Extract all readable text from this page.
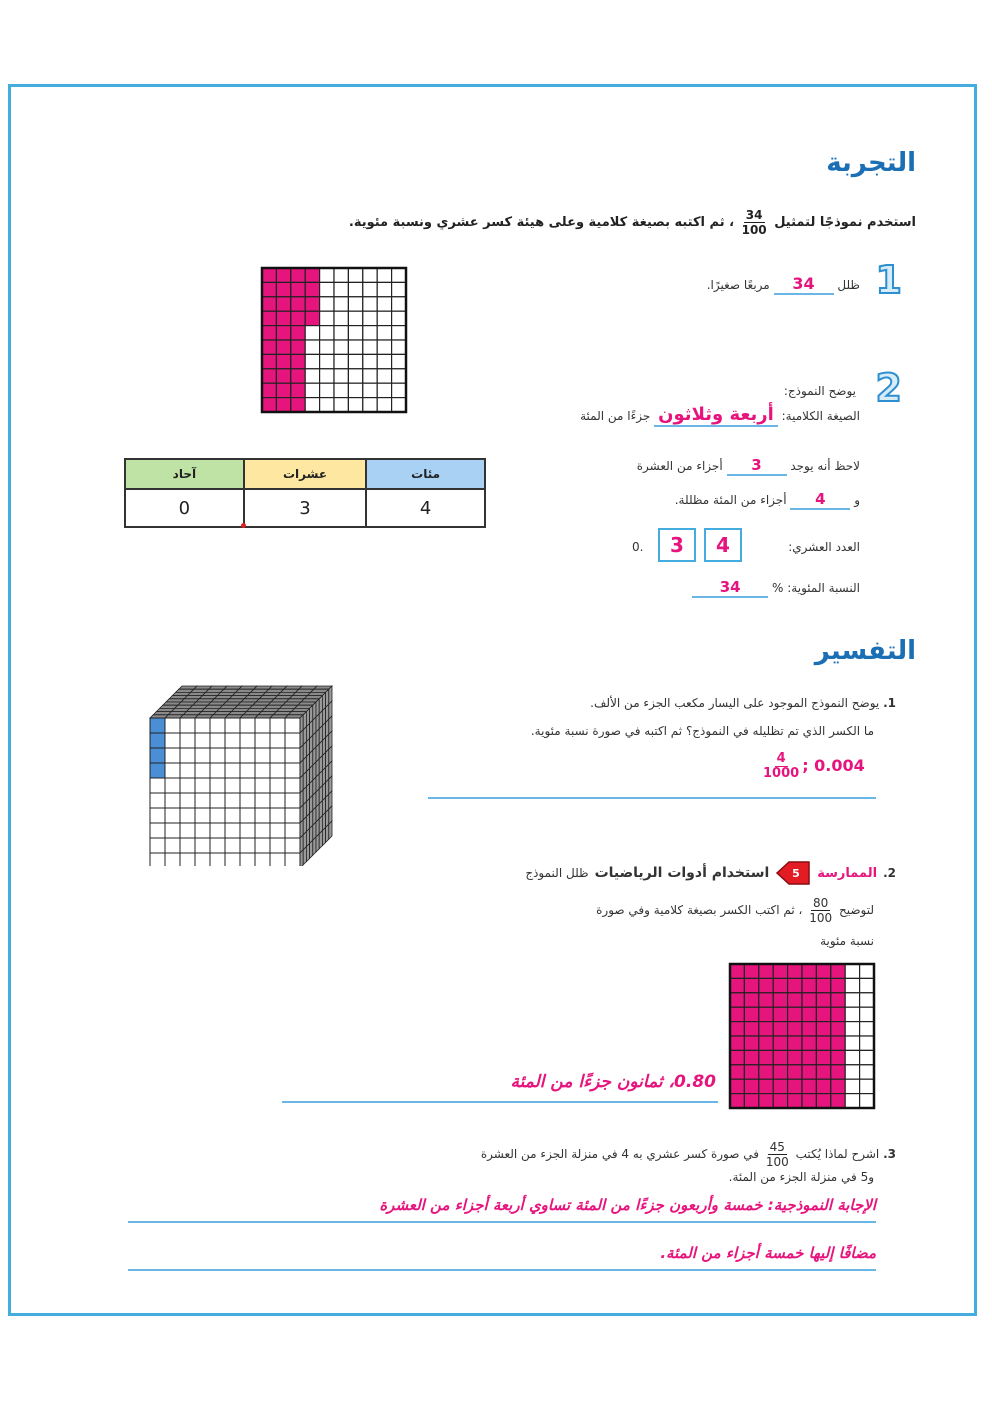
التجربة
استخدم نموذجًا لتمثيل
$\frac{34}{100}$
، ثم اكتبه بصيغة كلامية وعلى هيئة كسر عشري ونسبة مئوية.
1
ظلل 34 مربعًا صغيرًا.
2
يوضح النموذج:
الصيغة الكلامية: أربعة وثلاثون جزءًا من المئة
لاحظ أنه يوجد 3 أجزاء من العشرة
و 4 أجزاء من المئة مظللة.
العدد العشري:
4
3
0.
النسبة المئوية: % 34
آحاد	عشرات	مئات
0	3	4
التفسير
1. يوضح النموذج الموجود على اليسار مكعب الجزء من الألف.
ما الكسر الذي تم تظليله في النموذج؟ ثم اكتبه في صورة نسبة مئوية.
$\frac{4}{1000}$ ; 0.004
2.
الممارسة
5
استخدام أدوات الرياضيات
ظلل النموذج
لتوضيح
$\frac{80}{100}$
، ثم اكتب الكسر بصيغة كلامية وفي صورة
نسبة مئوية
0.80، ثمانون جزءًا من المئة
3. اشرح لماذا يُكتب
$\frac{45}{100}$
في صورة كسر عشري به 4 في منزلة الجزء من العشرة
و5 في منزلة الجزء من المئة.
الإجابة النموذجية: خمسة وأربعون جزءًا من المئة تساوي أربعة أجزاء من العشرة
مضافًا إليها خمسة أجزاء من المئة.
